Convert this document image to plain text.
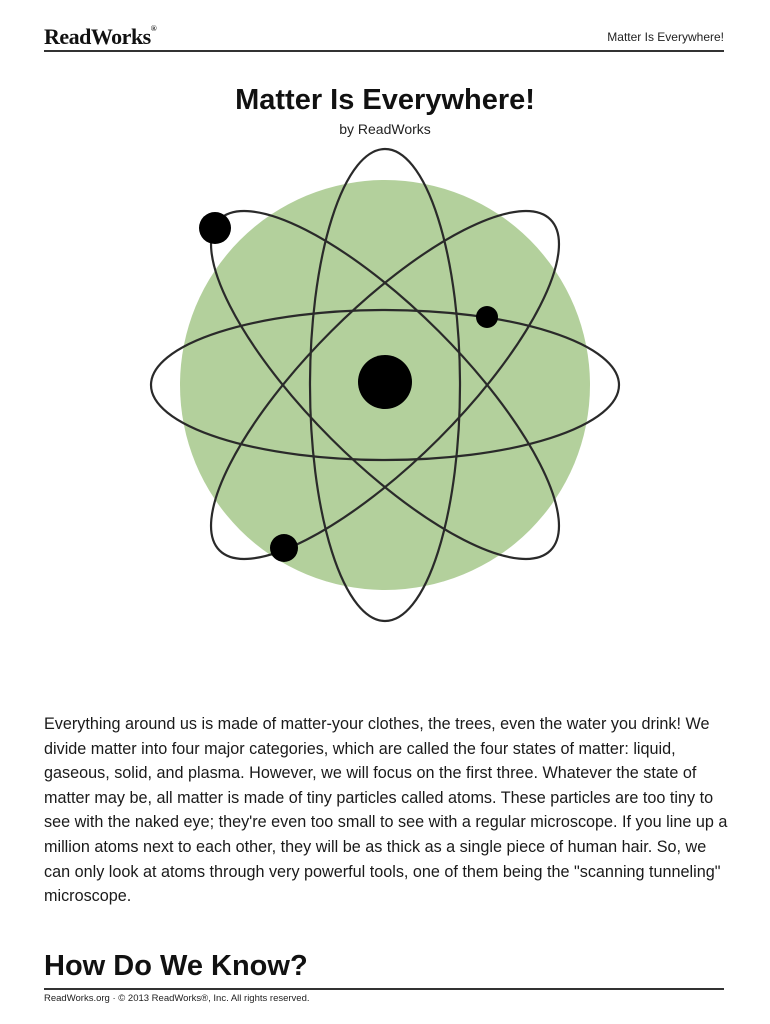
ReadWorks®
Matter Is Everywhere!
Matter Is Everywhere!
by ReadWorks

Everything around us is made of matter-your clothes, the trees, even the water you drink! We divide matter into four major categories, which are called the four states of matter: liquid, gaseous, solid, and plasma. However, we will focus on the first three. Whatever the state of matter may be, all matter is made of tiny particles called atoms. These particles are too tiny to see with the naked eye; they're even too small to see with a regular microscope. If you line up a million atoms next to each other, they will be as thick as a single piece of human hair. So, we can only look at atoms through very powerful tools, one of them being the "scanning tunneling" microscope.

How Do We Know?
ReadWorks.org · © 2013 ReadWorks®, Inc. All rights reserved.
